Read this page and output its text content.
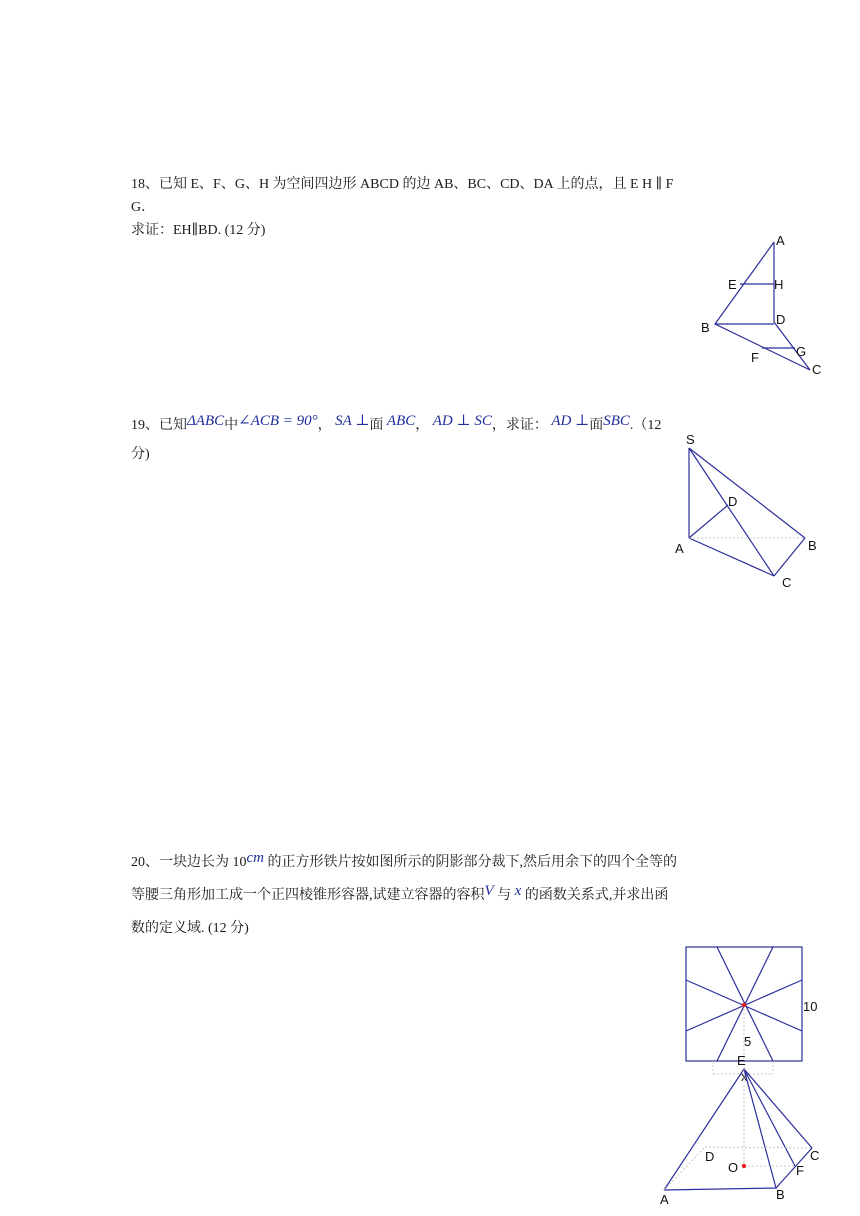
18、已知 E、F、G、H 为空间四边形 ABCD 的边 AB、BC、CD、DA 上的点，且 E H ∥ F
G．
求证：EH∥BD. (12 分)
A
E	H
B
D
F	G
C
19、已知ΔABC中∠ACB = 90°， SA ⊥面 ABC， AD ⊥ SC，求证： AD ⊥面SBC.（12
分)
S
D
A	B
C
20、一块边长为 10cm 的正方形铁片按如图所示的阴影部分裁下,然后用余下的四个全等的
等腰三角形加工成一个正四棱锥形容器,试建立容器的容积V 与 x 的函数关系式,并求出函
数的定义域. (12 分)
10
5
E
x
D
O
C
F
A	B
